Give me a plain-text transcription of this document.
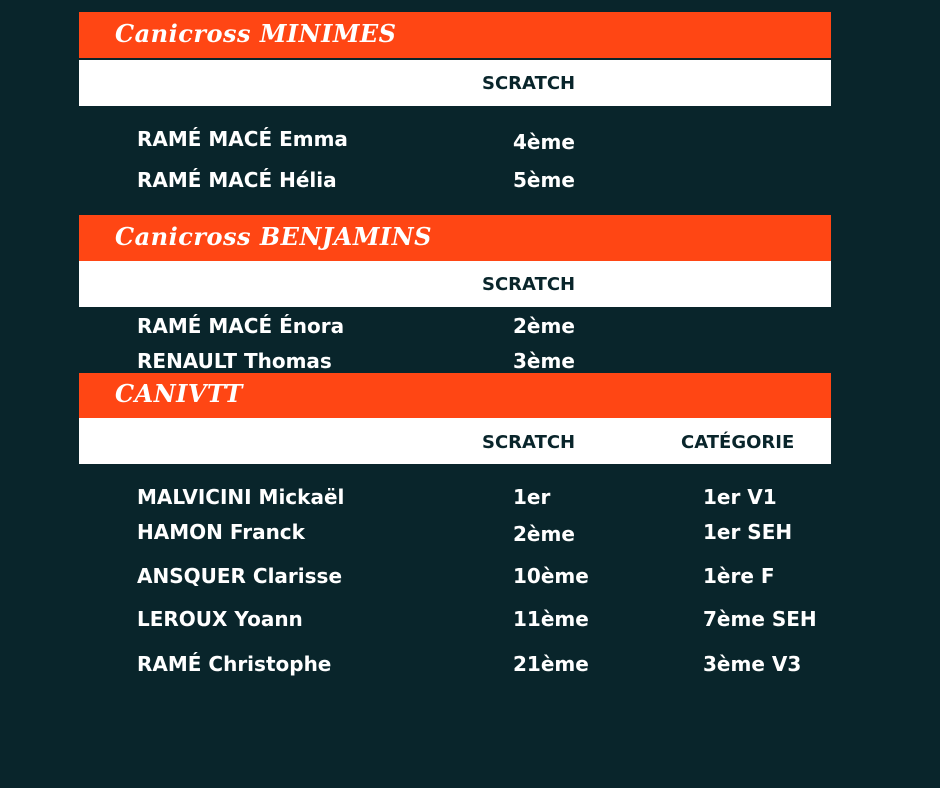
Canicross MINIMES
SCRATCH
RAMÉ MACÉ Emma	4ème
RAMÉ MACÉ Hélia	5ème
Canicross BENJAMINS
SCRATCH
RAMÉ MACÉ Énora	2ème
RENAULT Thomas	3ème
CANIVTT
SCRATCH	CATÉGORIE
MALVICINI Mickaël	1er	1er V1
HAMON Franck	2ème	1er SEH
ANSQUER Clarisse	10ème	1ère F
LEROUX Yoann	11ème	7ème SEH
RAMÉ Christophe	21ème	3ème V3
